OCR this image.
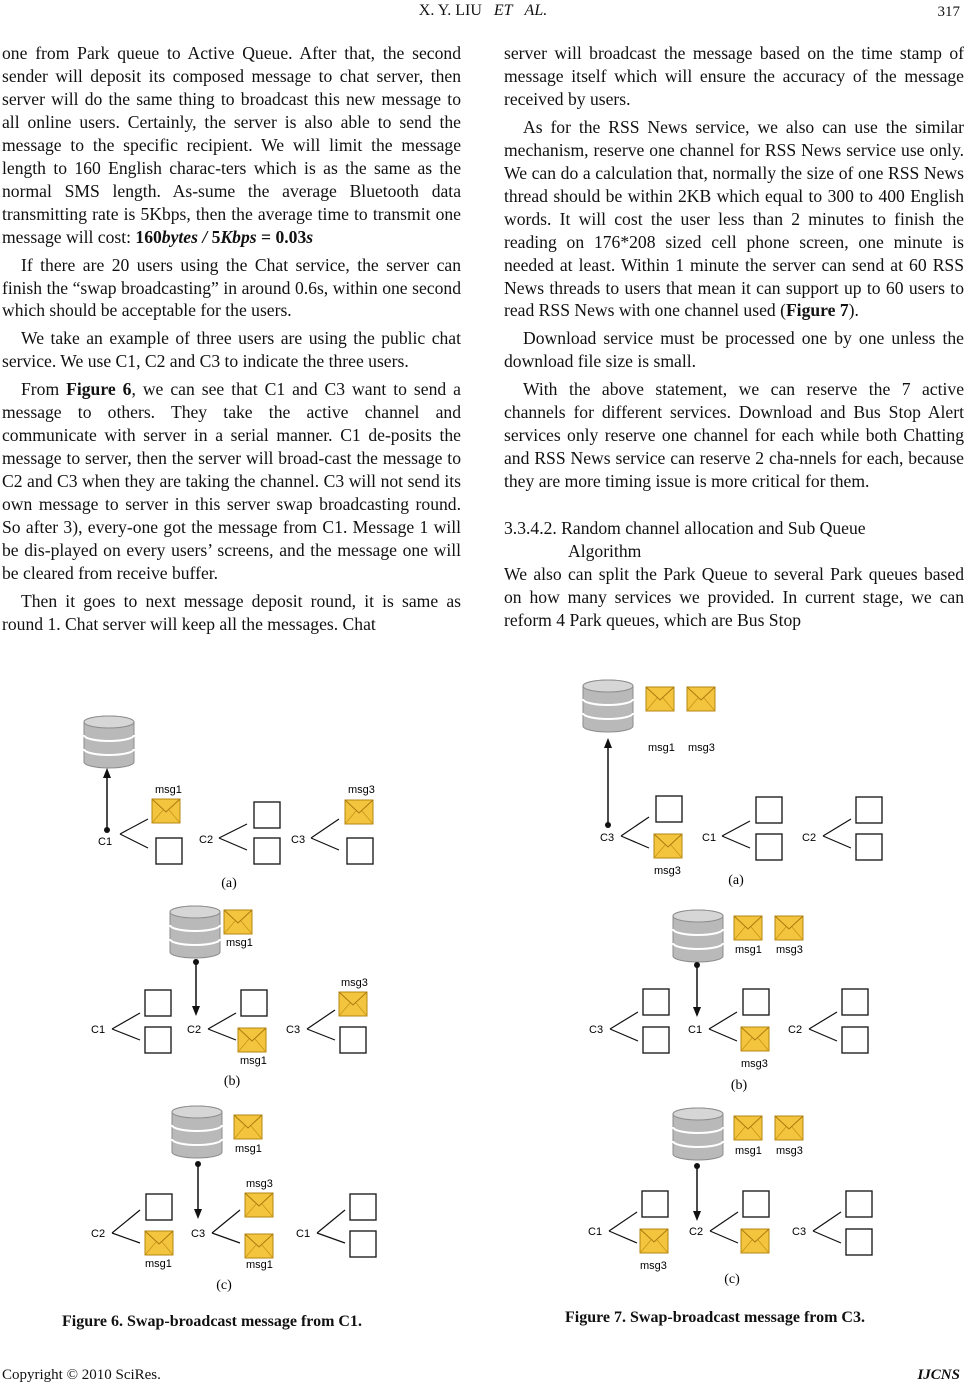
X. Y. LIU ET AL.	317

one from Park queue to Active Queue. After that, the second sender will deposit its composed message to chat server, then server will do the same thing to broadcast this new message to all online users. Certainly, the server is also able to send the message to the specific recipient. We will limit the message length to 160 English charac-ters which is as the same as the normal SMS length. As-sume the average Bluetooth data transmitting rate is 5Kbps, then the average time to transmit one message will cost: 160bytes / 5Kbps = 0.03s

If there are 20 users using the Chat service, the server can finish the “swap broadcasting” in around 0.6s, within one second which should be acceptable for the users.

We take an example of three users are using the public chat service. We use C1, C2 and C3 to indicate the three users.

From Figure 6, we can see that C1 and C3 want to send a message to others. They take the active channel and communicate with server in a serial manner. C1 de-posits the message to server, then the server will broad-cast the message to C2 and C3 when they are taking the channel. C3 will not send its own message to server in this server swap broadcasting round. So after 3), every-one got the message from C1. Message 1 will be dis-played on every users’ screens, and the message one will be cleared from receive buffer.

Then it goes to next message deposit round, it is same as round 1. Chat server will keep all the messages. Chat

server will broadcast the message based on the time stamp of message itself which will ensure the accuracy of the message received by users.

As for the RSS News service, we also can use the similar mechanism, reserve one channel for RSS News service use only. We can do a calculation that, normally the size of one RSS News thread should be within 2KB which equal to 300 to 400 English words. It will cost the user less than 2 minutes to finish the reading on 176*208 sized cell phone screen, one minute is needed at least. Within 1 minute the server can send at 60 RSS News threads to users that mean it can support up to 60 users to read RSS News with one channel used (Figure 7).

Download service must be processed one by one unless the download file size is small.

With the above statement, we can reserve the 7 active channels for different services. Download and Bus Stop Alert services only reserve one channel for each while both Chatting and RSS News service can reserve 2 cha-nnels for each, because they are more timing issue is more critical for them.

3.3.4.2. Random channel allocation and Sub Queue

Algorithm

We also can split the Park Queue to several Park queues based on how many services we provided. In current stage, we can reform 4 Park queues, which are Bus Stop

msg1
C1	C2	C3
msg3
(a)
msg1
C1	C2
msg1
C3
msg3
(b)
msg1
C2
msg1
C3
msg3
msg1
C1
(c)
msg1 msg3
C3
msg3
C1	C2
(a)
msg1 msg3
C3	C1
msg3
C2
(b)
msg1 msg3
C1
msg3
C2	C3
(c)
Figure 6. Swap-broadcast message from C1.	Figure 7. Swap-broadcast message from C3.
Copyright © 2010 SciRes.	IJCNS
